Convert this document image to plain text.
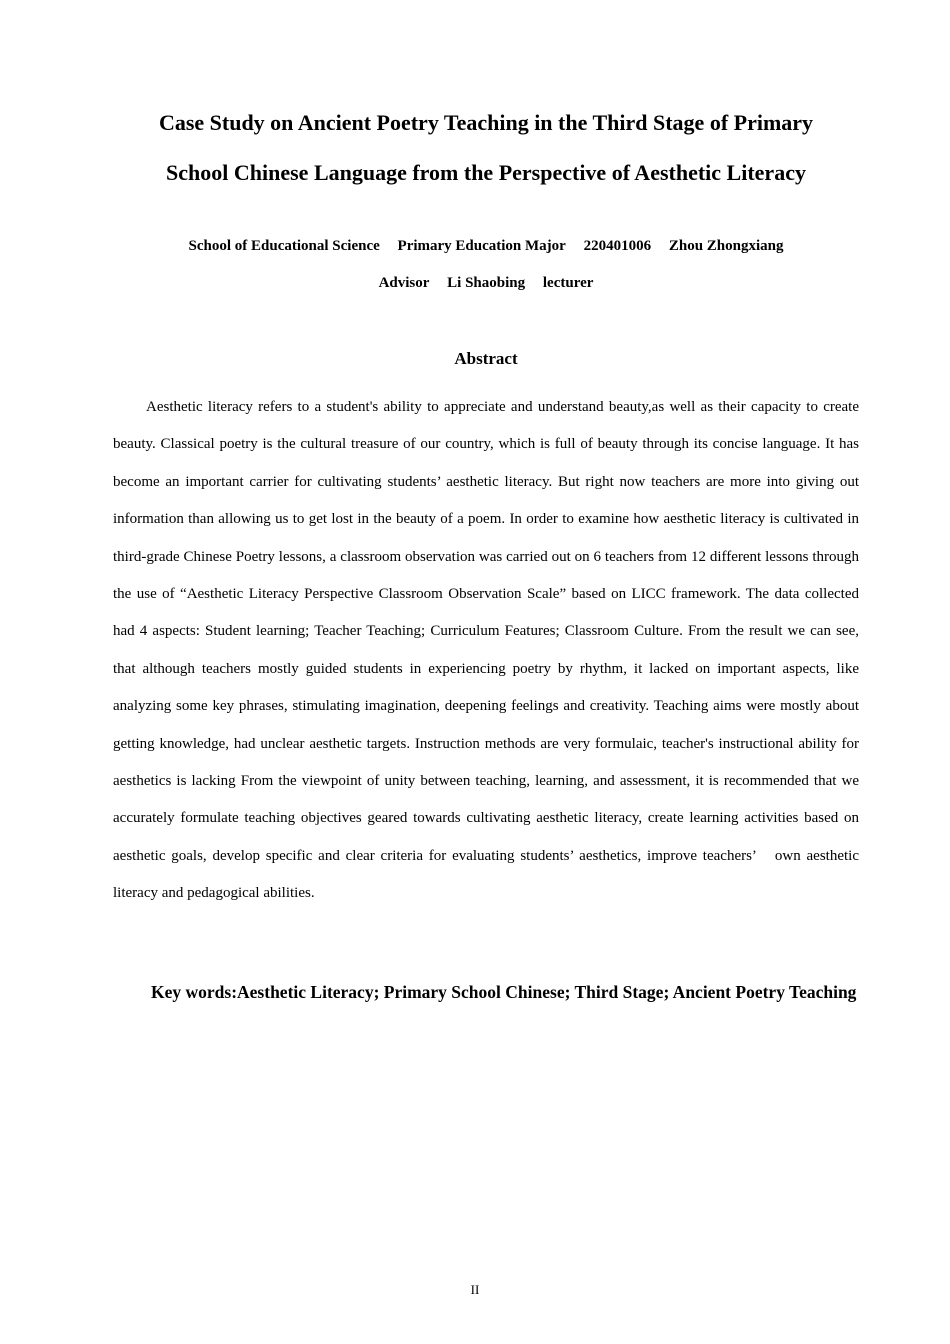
Case Study on Ancient Poetry Teaching in the Third Stage of Primary
School Chinese Language from the Perspective of Aesthetic Literacy
School of Educational Science Primary Education Major 220401006 Zhou Zhongxiang
Advisor Li Shaobing lecturer
Abstract

Aesthetic literacy refers to a student's ability to appreciate and understand beauty,as well as their capacity to create beauty. Classical poetry is the cultural treasure of our country, which is full of beauty through its concise language. It has become an important carrier for cultivating students’ aesthetic literacy. But right now teachers are more into giving out information than allowing us to get lost in the beauty of a poem. In order to examine how aesthetic literacy is cultivated in third-grade Chinese Poetry lessons, a classroom observation was carried out on 6 teachers from 12 different lessons through the use of “Aesthetic Literacy Perspective Classroom Observation Scale” based on LICC framework. The data collected had 4 aspects: Student learning; Teacher Teaching; Curriculum Features; Classroom Culture. From the result we can see, that although teachers mostly guided students in experiencing poetry by rhythm, it lacked on important aspects, like analyzing some key phrases, stimulating imagination, deepening feelings and creativity. Teaching aims were mostly about getting knowledge, had unclear aesthetic targets. Instruction methods are very formulaic, teacher's instructional ability for aesthetics is lacking From the viewpoint of unity between teaching, learning, and assessment, it is recommended that we accurately formulate teaching objectives geared towards cultivating aesthetic literacy, create learning activities based on aesthetic goals, develop specific and clear criteria for evaluating students’ aesthetics, improve teachers’　own aesthetic literacy and pedagogical abilities.

Key words:Aesthetic Literacy; Primary School Chinese; Third Stage; Ancient Poetry Teaching

II
